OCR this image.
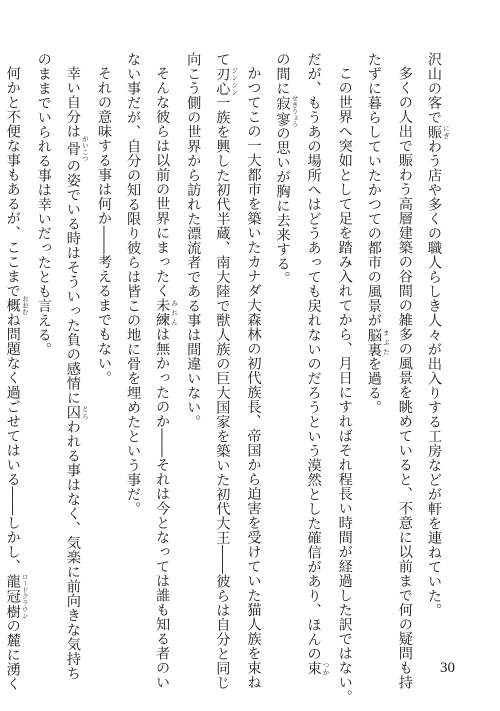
沢山の客で賑 にぎわう店や多くの職人らしき人々が出入りする工房などが軒を連ねていた。

多くの人出で賑わう高層建築の谷間の雑多の風景を眺めていると、不意に以前まで何の疑問も持

たずに暮らしていたかつての都市の風景が脳裏 まぶたを過る。

この世界へ突如として足を踏み入れてから、月日にすればそれ程長い時間が経過した訳ではない。

だが、もうあの場所へはどうあっても戻れないのだろうという漠然とした確信があり、ほんの束 つか

の間に寂寥 せきりょうの思いが胸に去来する。

かつてこの一大都市を築いたカナダ大森林の初代族長、帝国から迫害を受けていた猫人族を束ね

て刃心 ジンシン一族を興した初代半蔵、南大陸で獣人族の巨大国家を築いた初代大王――彼らは自分と同じ

向こう側の世界から訪れた漂流者である事は間違いない。

そんな彼らは以前の世界にまったく未練 みれんは無かったのか――それは今となっては誰も知る者のい

ない事だが、自分の知る限り彼らは皆この地に骨を埋めたという事だ。

それの意味する事は何か――考えるまでもない。

幸い自分は骨 がいこつの姿でいる時はそういった負の感情に囚 とらわれる事はなく、気楽に前向きな気持ち

のままでいられる事は幸いだったとも言える。

何かと不便な事もあるが、ここまで概 おおむね問題なく過ごせてはいる――しかし、龍冠樹 ロードクラウンの麓に湧く	30
